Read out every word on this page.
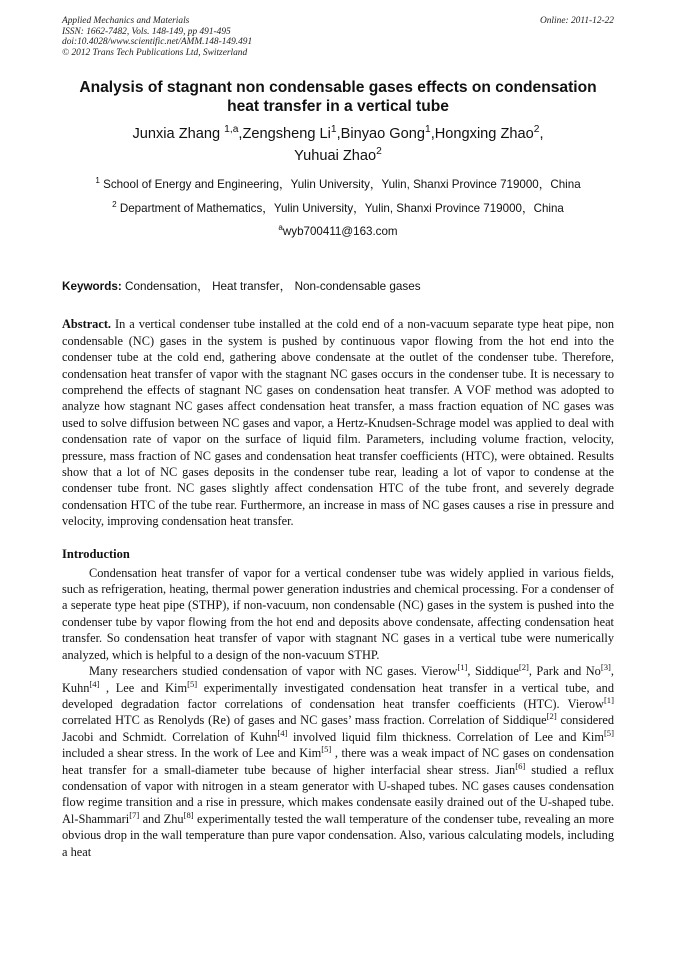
Applied Mechanics and Materials
ISSN: 1662-7482, Vols. 148-149, pp 491-495
doi:10.4028/www.scientific.net/AMM.148-149.491
© 2012 Trans Tech Publications Ltd, Switzerland
Online: 2011-12-22
Analysis of stagnant non condensable gases effects on condensation heat transfer in a vertical tube
Junxia Zhang $^{1,a}$,Zengsheng Li$^1$,Binyao Gong$^1$,Hongxing Zhao$^2$,
Yuhuai Zhao$^2$
$^1$ School of Energy and Engineering，Yulin University，Yulin, Shanxi Province 719000，China
$^2$ Department of Mathematics，Yulin University，Yulin, Shanxi Province 719000，China
$^a$wyb700411@163.com
Keywords: Condensation， Heat transfer， Non-condensable gases

Abstract. In a vertical condenser tube installed at the cold end of a non-vacuum separate type heat pipe, non condensable (NC) gases in the system is pushed by continuous vapor flowing from the hot end into the condenser tube at the cold end, gathering above condensate at the outlet of the condenser tube. Therefore, condensation heat transfer of vapor with the stagnant NC gases occurs in the condenser tube. It is necessary to comprehend the effects of stagnant NC gases on condensation heat transfer. A VOF method was adopted to analyze how stagnant NC gases affect condensation heat transfer, a mass fraction equation of NC gases was used to solve diffusion between NC gases and vapor, a Hertz-Knudsen-Schrage model was applied to deal with condensation rate of vapor on the surface of liquid film. Parameters, including volume fraction, velocity, pressure, mass fraction of NC gases and condensation heat transfer coefficients (HTC), were obtained. Results show that a lot of NC gases deposits in the condenser tube rear, leading a lot of vapor to condense at the condenser tube front. NC gases slightly affect condensation HTC of the tube front, and severely degrade condensation HTC of the tube rear. Furthermore, an increase in mass of NC gases causes a rise in pressure and velocity, improving condensation heat transfer.

Introduction

Condensation heat transfer of vapor for a vertical condenser tube was widely applied in various fields, such as refrigeration, heating, thermal power generation industries and chemical processing. For a condenser of a seperate type heat pipe (STHP), if non-vacuum, non condensable (NC) gases in the system is pushed into the condenser tube by vapor flowing from the hot end and deposits above condensate, affecting condensation heat transfer. So condensation heat transfer of vapor with stagnant NC gases in a vertical tube were numerically analyzed, which is helpful to a design of the non-vacuum STHP.

Many researchers studied condensation of vapor with NC gases. Vierow[1], Siddique[2], Park and No[3], Kuhn[4] , Lee and Kim[5] experimentally investigated condensation heat transfer in a vertical tube, and developed degradation factor correlations of condensation heat transfer coefficients (HTC). Vierow[1] correlated HTC as Renolyds (Re) of gases and NC gases’ mass fraction. Correlation of Siddique[2] considered Jacobi and Schmidt. Correlation of Kuhn[4] involved liquid film thickness. Correlation of Lee and Kim[5] included a shear stress. In the work of Lee and Kim[5] , there was a weak impact of NC gases on condensation heat transfer for a small-diameter tube because of higher interfacial shear stress. Jian[6] studied a reflux condensation of vapor with nitrogen in a steam generator with U-shaped tubes. NC gases causes condensation flow regime transition and a rise in pressure, which makes condensate easily drained out of the U-shaped tube. Al-Shammari[7] and Zhu[8] experimentally tested the wall temperature of the condenser tube, revealing an more obvious drop in the wall temperature than pure vapor condensation. Also, various calculating models, including a heat
